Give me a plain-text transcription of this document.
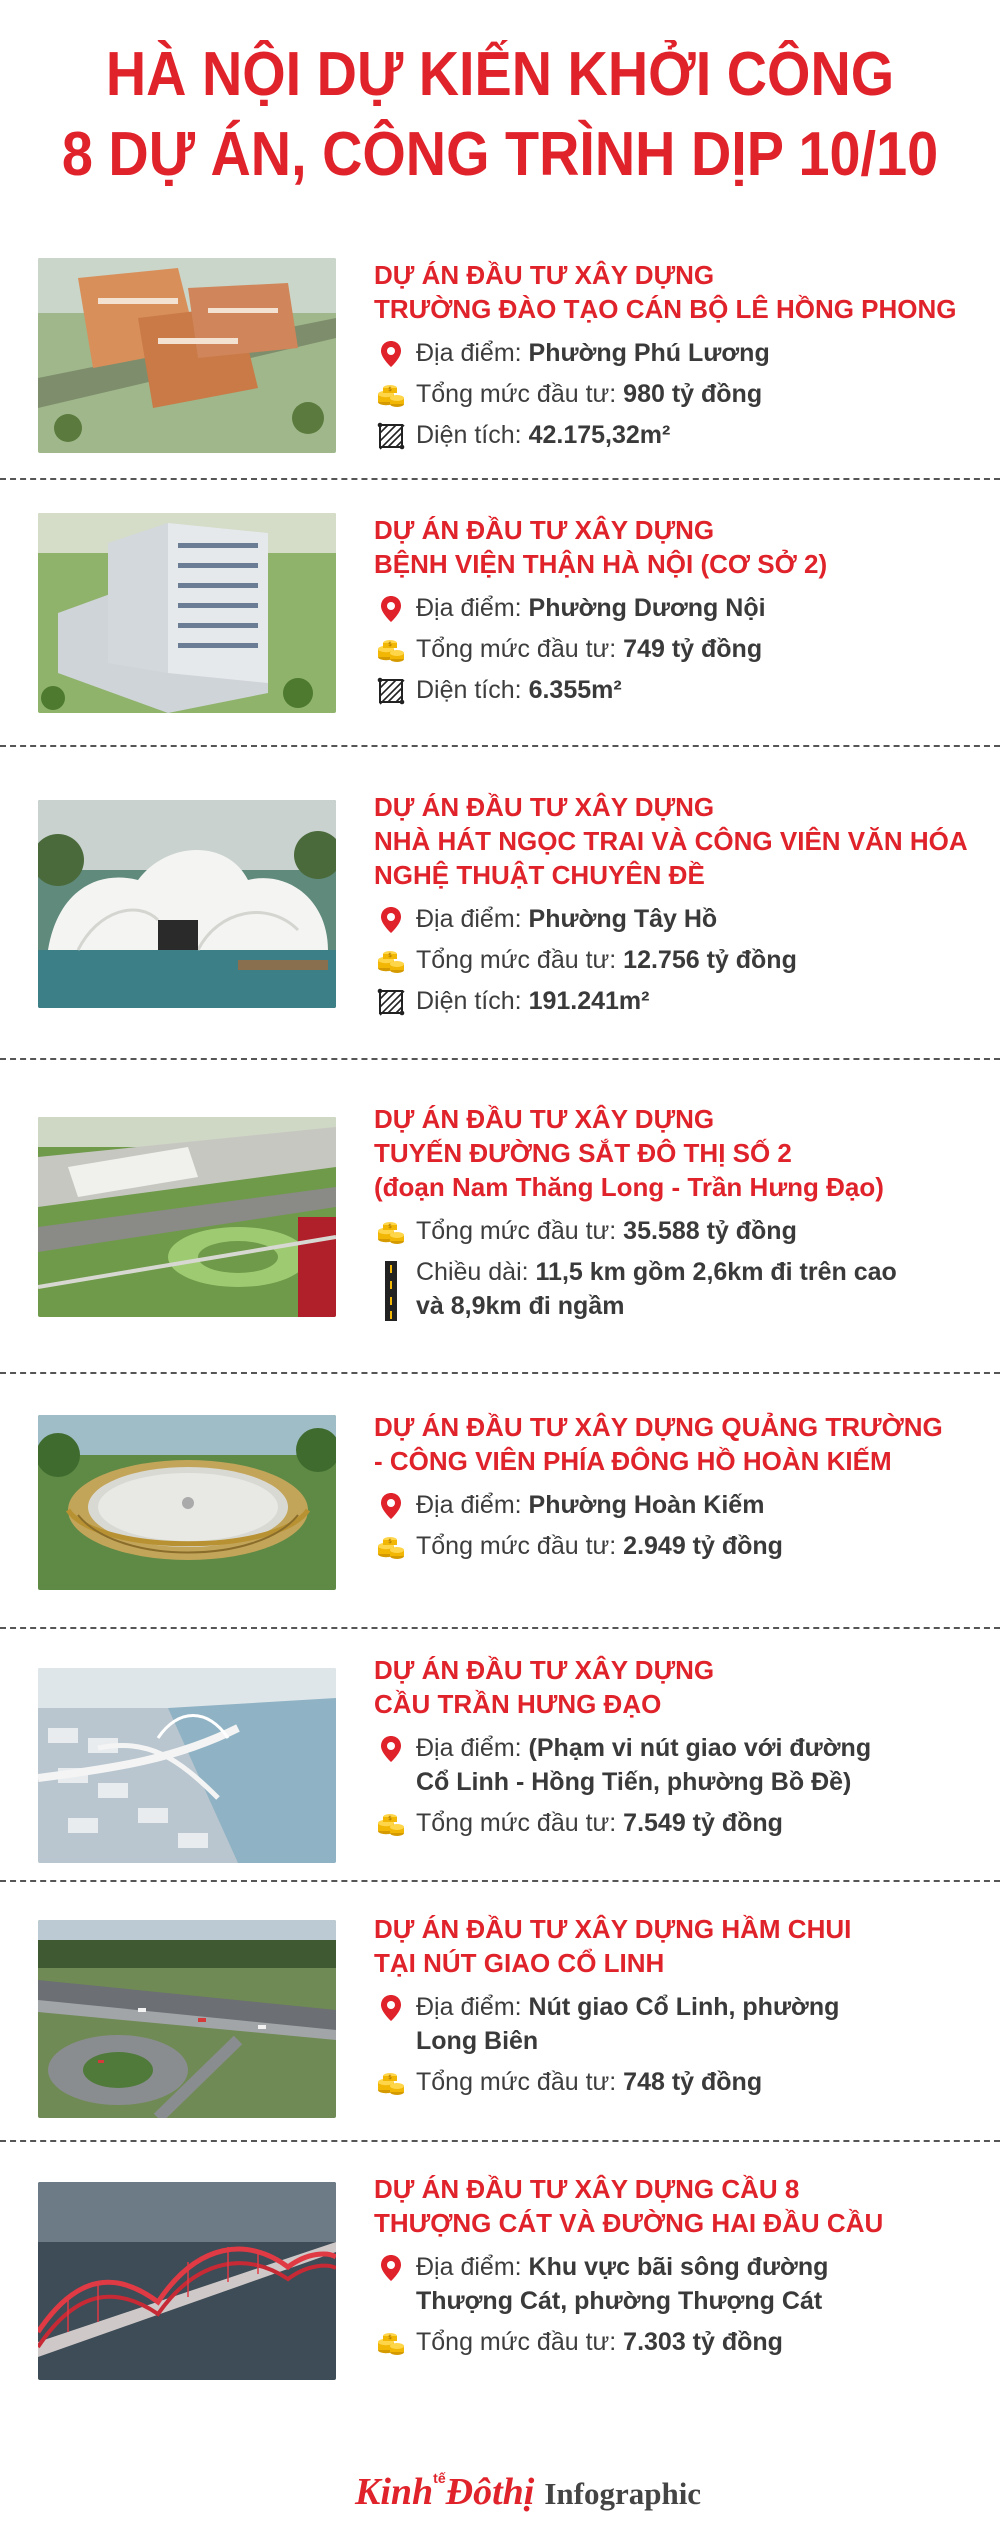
HÀ NỘI DỰ KIẾN KHỞI CÔNG
8 DỰ ÁN, CÔNG TRÌNH DỊP 10/10
DỰ ÁN ĐẦU TƯ XÂY DỰNG
TRƯỜNG ĐÀO TẠO CÁN BỘ LÊ HỒNG PHONG
Địa điểm: Phường Phú Lương
Tổng mức đầu tư: 980 tỷ đồng
Diện tích: 42.175,32m²
DỰ ÁN ĐẦU TƯ XÂY DỰNG
BỆNH VIỆN THẬN HÀ NỘI (CƠ SỞ 2)
Địa điểm: Phường Dương Nội
Tổng mức đầu tư: 749 tỷ đồng
Diện tích: 6.355m²
DỰ ÁN ĐẦU TƯ XÂY DỰNG
NHÀ HÁT NGỌC TRAI VÀ CÔNG VIÊN VĂN HÓA
NGHỆ THUẬT CHUYÊN ĐỀ
Địa điểm: Phường Tây Hồ
Tổng mức đầu tư: 12.756 tỷ đồng
Diện tích: 191.241m²
DỰ ÁN ĐẦU TƯ XÂY DỰNG
TUYẾN ĐƯỜNG SẮT ĐÔ THỊ SỐ 2
(đoạn Nam Thăng Long - Trần Hưng Đạo)
Tổng mức đầu tư: 35.588 tỷ đồng
Chiều dài: 11,5 km gồm 2,6km đi trên cao
và 8,9km đi ngầm
DỰ ÁN ĐẦU TƯ XÂY DỰNG QUẢNG TRƯỜNG
- CÔNG VIÊN PHÍA ĐÔNG HỒ HOÀN KIẾM
Địa điểm: Phường Hoàn Kiếm
Tổng mức đầu tư: 2.949 tỷ đồng
DỰ ÁN ĐẦU TƯ XÂY DỰNG
CẦU TRẦN HƯNG ĐẠO
Địa điểm: (Phạm vi nút giao với đường
Cổ Linh - Hồng Tiến, phường Bồ Đề)
Tổng mức đầu tư: 7.549 tỷ đồng
DỰ ÁN ĐẦU TƯ XÂY DỰNG HẦM CHUI
TẠI NÚT GIAO CỔ LINH
Địa điểm: Nút giao Cổ Linh, phường
Long Biên
Tổng mức đầu tư: 748 tỷ đồng
DỰ ÁN ĐẦU TƯ XÂY DỰNG CẦU 8
THƯỢNG CÁT VÀ ĐƯỜNG HAI ĐẦU CẦU
Địa điểm: Khu vực bãi sông đường
Thượng Cát, phường Thượng Cát
Tổng mức đầu tư: 7.303 tỷ đồng
KinhtếĐôthị Infographic
